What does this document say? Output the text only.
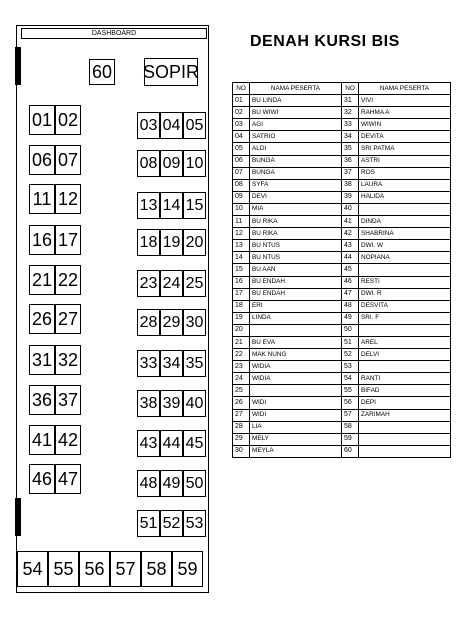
DASHBOARD
60 SOPIR
01 02
06 07
11 12
16 17
21 22
26 27
31 32
36 37
41 42
46 47
03 04 05
08 09 10
13 14 15
18 19 20
23 24 25
28 29 30
33 34 35
38 39 40
43 44 45
48 49 50
51 52 53
54 55 56 57 58 59
DENAH KURSI BIS
NO	NAMA PESERTA	NO	NAMA PESERTA
01	BU LINDA	31	VIVI
02	BU WIWI	32	RAHMA A
03	AGI	33	WIWIN
04	SATRIO	34	DEVITA
05	ALDI	35	SRI PATMA
06	BUNGA	36	ASTRI
07	BUNGA	37	ROS
08	SYFA	38	LAURA
09	DEVI	39	HALIDA
10	MIA	40	
11	BU RIKA	41	DINDA
12	BU RIKA	42	SHABRINA
13	BU NTUS	43	DWI. W
14	BU NTUS	44	NOPIANA
15	BU AAN	45	
16	BU ENDAH	46	RESTI
17	BU ENDAH	47	DWI. R
18	ERI	48	DESVITA
19	LINDA	49	SRI. F
20		50	
21	BU EVA	51	AREL
22	MAK NUNG	52	DELVI
23	WIDIA	53	
24	WIDIA	54	RANTI
25		55	BIFAD
26	WIDI	56	DEPI
27	WIDI	57	ZARIMAH
28	LIA	58	
29	MELY	59	
30	MEYLA	60	
